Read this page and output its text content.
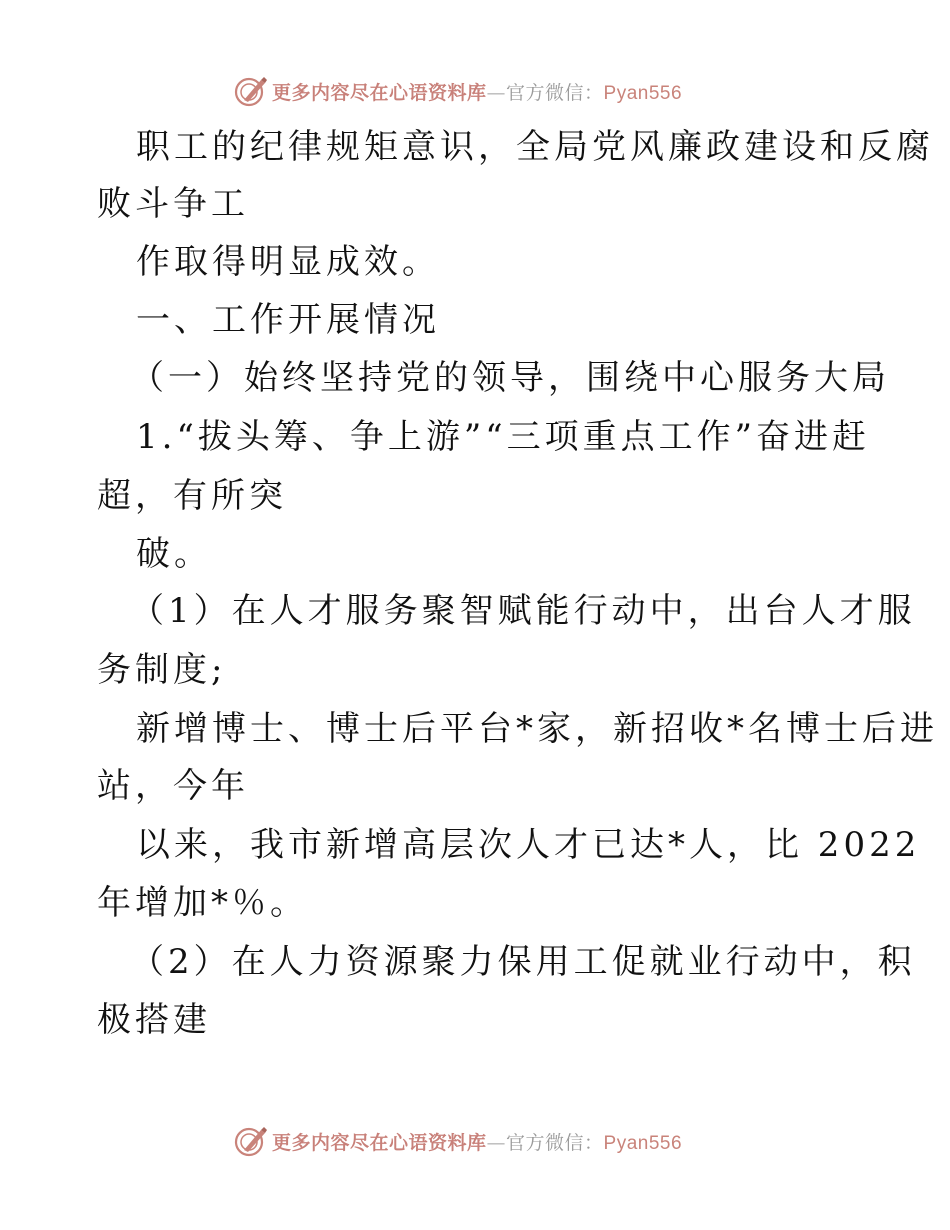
更多内容尽在心语资料库—官方微信：Pyan556
职工的纪律规矩意识，全局党风廉政建设和反腐
败斗争工
作取得明显成效。
一、工作开展情况
（一）始终坚持党的领导，围绕中心服务大局
1.“拔头筹、争上游”“三项重点工作”奋进赶
超，有所突
破。
（1）在人才服务聚智赋能行动中，出台人才服
务制度;
新增博士、博士后平台*家，新招收*名博士后进
站，今年
以来，我市新增高层次人才已达*人，比 2022
年增加*％。
（2）在人力资源聚力保用工促就业行动中，积
极搭建
更多内容尽在心语资料库—官方微信：Pyan556
